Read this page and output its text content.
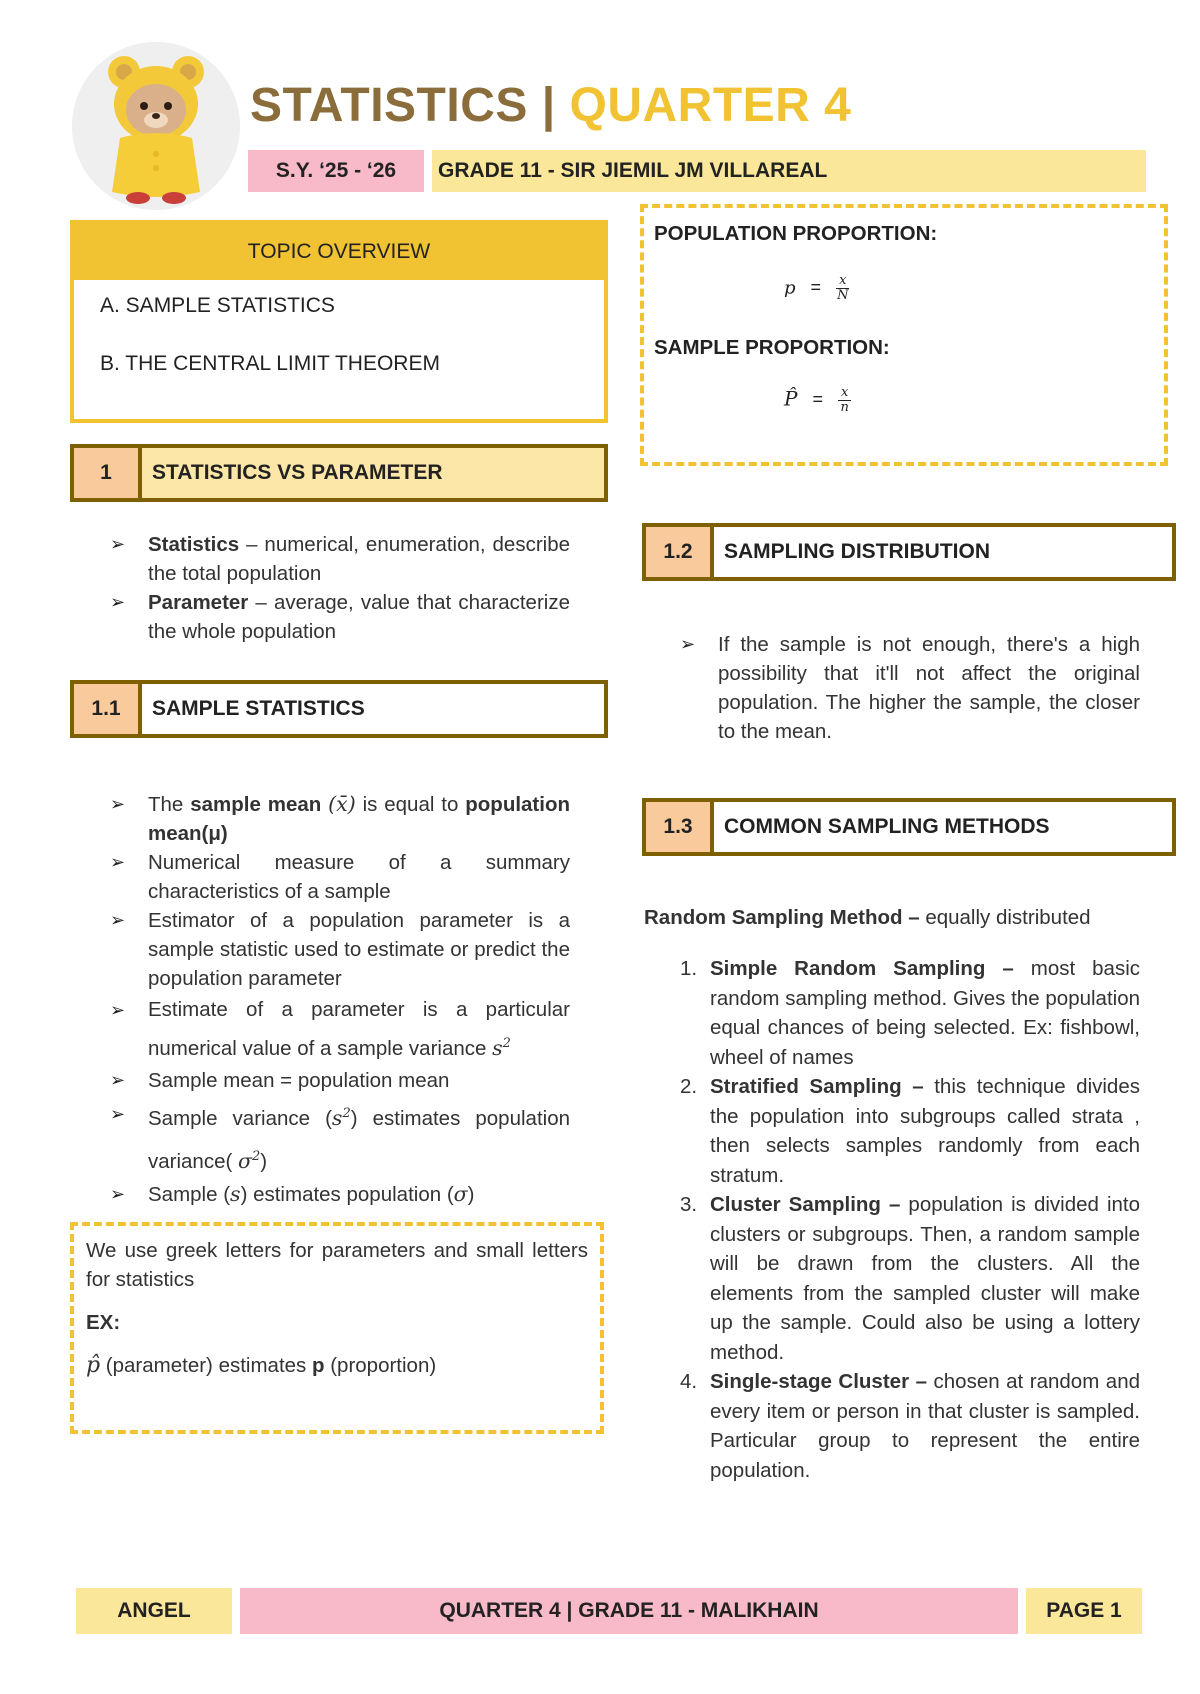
STATISTICS | QUARTER 4
S.Y. ‘25 - ‘26	GRADE 11 - SIR JIEMIL JM VILLAREAL
TOPIC OVERVIEW
A. SAMPLE STATISTICS
B. THE CENTRAL LIMIT THEOREM
1	STATISTICS VS PARAMETER
➢ Statistics – numerical, enumeration, describe the total population
➢ Parameter – average, value that characterize the whole population
1.1	SAMPLE STATISTICS
➢ The sample mean (x̄) is equal to population mean(μ)
➢ Numerical measure of a summary characteristics of a sample
➢ Estimator of a population parameter is a sample statistic used to estimate or predict the population parameter
➢ Estimate of a parameter is a particular numerical value of a sample variance $s^2$
➢ Sample mean = population mean
➢ Sample variance $(s^2)$ estimates population variance( $\sigma^2$)
➢ Sample (s) estimates population (σ)
We use greek letters for parameters and small letters for statistics
EX:
p̂ (parameter) estimates p (proportion)
POPULATION PROPORTION:
$p = \frac{x}{N}$
SAMPLE PROPORTION:
P̂ = $\frac{x}{n}$
1.2	SAMPLING DISTRIBUTION
➢ If the sample is not enough, there's a high possibility that it'll not affect the original population. The higher the sample, the closer to the mean.
1.3	COMMON SAMPLING METHODS
Random Sampling Method – equally distributed
1. Simple Random Sampling – most basic random sampling method. Gives the population equal chances of being selected. Ex: fishbowl, wheel of names
2. Stratified Sampling – this technique divides the population into subgroups called strata , then selects samples randomly from each stratum.
3. Cluster Sampling – population is divided into clusters or subgroups. Then, a random sample will be drawn from the clusters. All the elements from the sampled cluster will make up the sample. Could also be using a lottery method.
4. Single-stage Cluster – chosen at random and every item or person in that cluster is sampled. Particular group to represent the entire population.
ANGEL	QUARTER 4 | GRADE 11 - MALIKHAIN	PAGE 1
